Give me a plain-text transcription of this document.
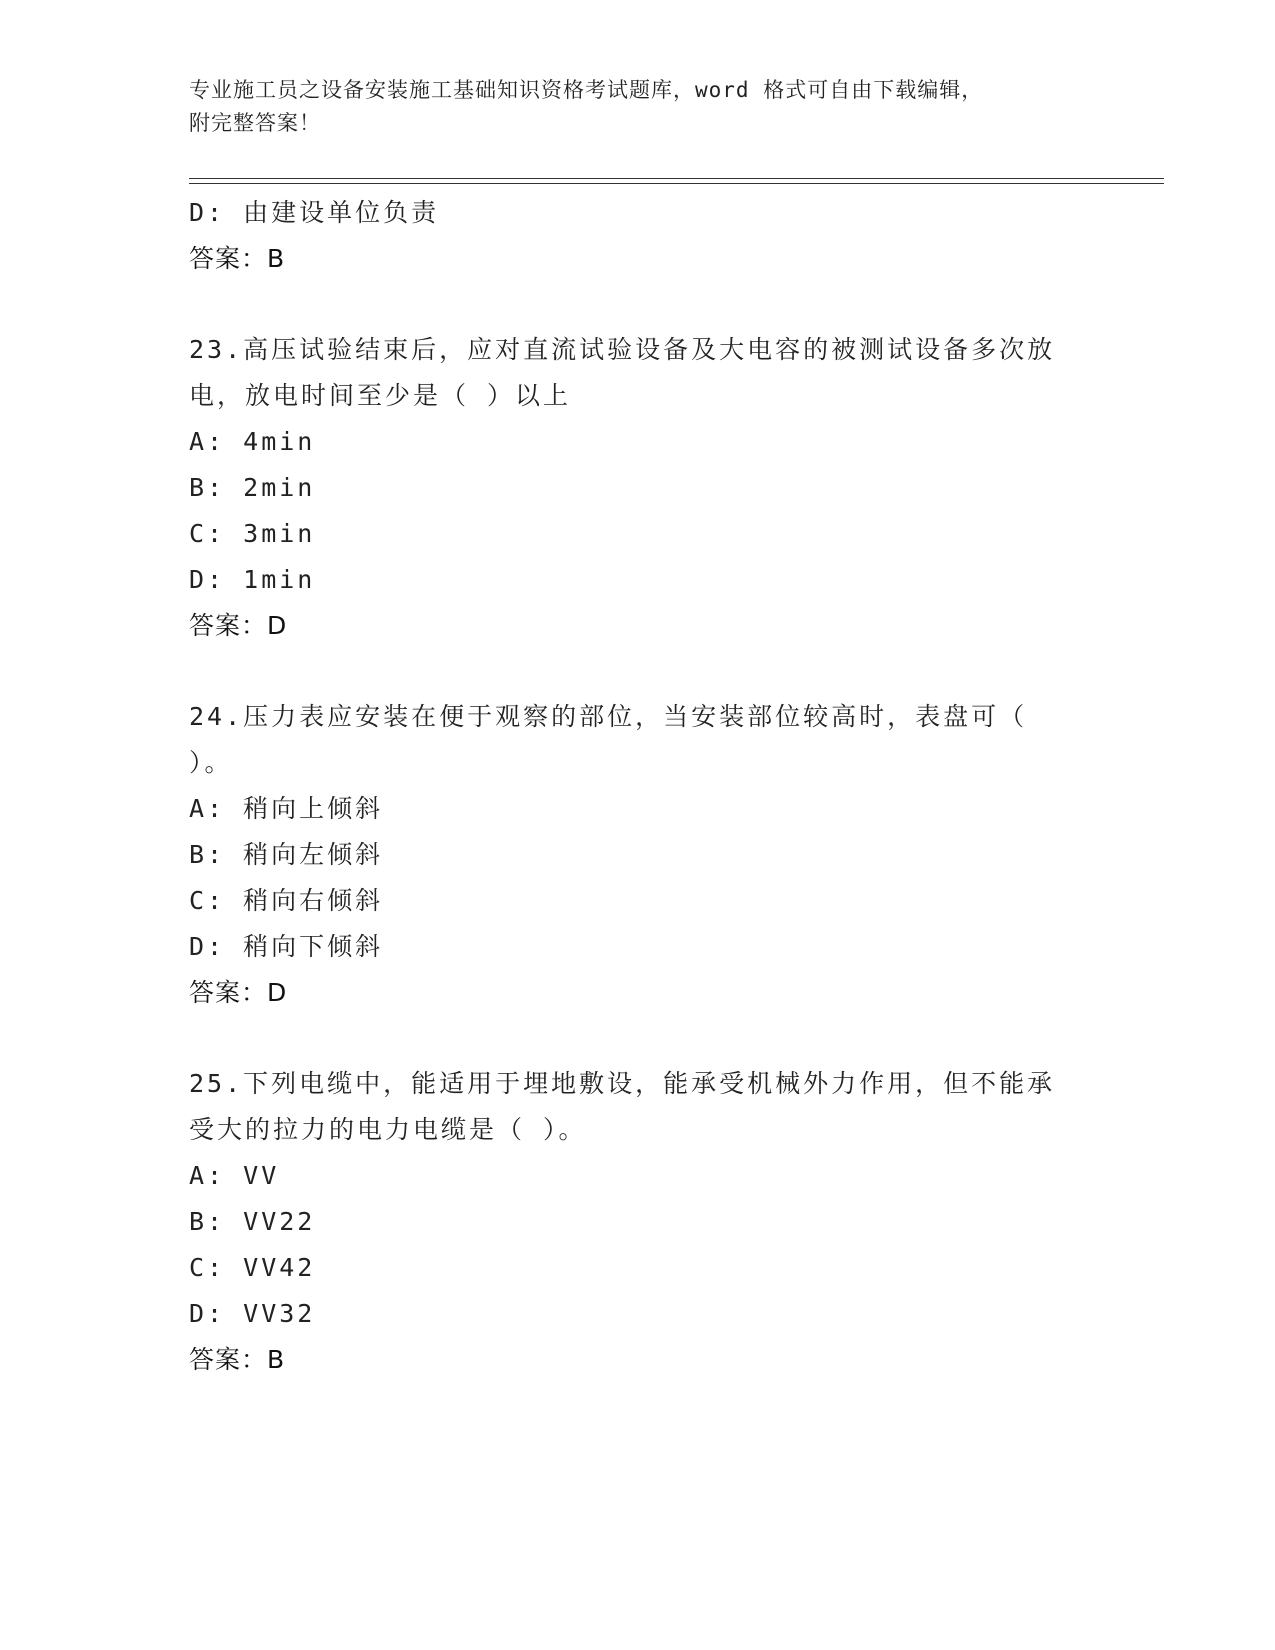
专业施工员之设备安装施工基础知识资格考试题库，word 格式可自由下载编辑，
附完整答案！
D: 由建设单位负责
答案：B
23.高压试验结束后，应对直流试验设备及大电容的被测试设备多次放
电，放电时间至少是（ ）以上
A: 4min
B: 2min
C: 3min
D: 1min
答案：D
24.压力表应安装在便于观察的部位，当安装部位较高时，表盘可（
）。
A: 稍向上倾斜
B: 稍向左倾斜
C: 稍向右倾斜
D: 稍向下倾斜
答案：D
25.下列电缆中，能适用于埋地敷设，能承受机械外力作用，但不能承
受大的拉力的电力电缆是（ ）。
A: VV
B: VV22
C: VV42
D: VV32
答案：B
